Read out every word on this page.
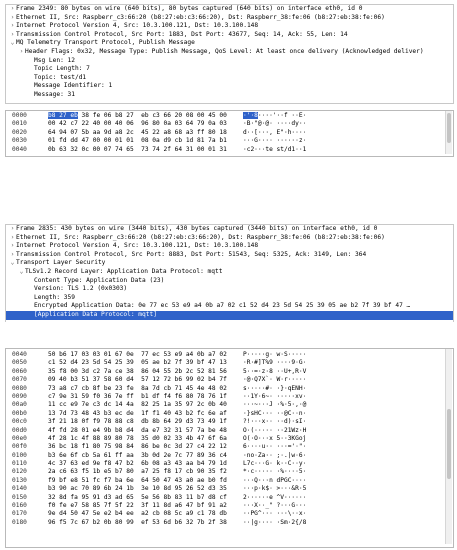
› Frame 2349: 80 bytes on wire (640 bits), 80 bytes captured (640 bits) on interface eth0, id 0
› Ethernet II, Src: Raspberr_c3:66:20 (b8:27:eb:c3:66:20), Dst: Raspberr_38:fe:06 (b8:27:eb:38:fe:06)
› Internet Protocol Version 4, Src: 10.3.100.121, Dst: 10.3.100.148
› Transmission Control Protocol, Src Port: 1883, Dst Port: 43677, Seq: 14, Ack: 55, Len: 14
⌄ MQ Telemetry Transport Protocol, Publish Message
› Header Flags: 0x32, Message Type: Publish Message, QoS Level: At least once delivery (Acknowledged deliver)
Msg Len: 12
Topic Length: 7
Topic: test/d1
Message Identifier: 1
Message: 31
0000	b8 27 eb 38 fe 06 b8 27  eb c3 66 20 08 00 45 00	·'·8····'··f ··E·
0010	00 42 c7 22 40 00 40 06  96 80 0a 03 64 79 0a 03	·B·"@·@· ····dy··
0020	64 94 07 5b aa 9d a8 2c  45 22 a8 68 a3 ff 80 18	d··[···, E"·h····
0030	01 fd dd 47 00 00 01 01  08 0a d9 cb 1d 81 7a b1	···G···· ······z·
0040	0b 63 32 0c 00 07 74 65  73 74 2f 64 31 00 01 31	·c2···te st/d1··1
› Frame 2835: 430 bytes on wire (3440 bits), 430 bytes captured (3440 bits) on interface eth0, id 0
› Ethernet II, Src: Raspberr_c3:66:20 (b8:27:eb:c3:66:20), Dst: Raspberr_38:fe:06 (b8:27:eb:38:fe:06)
› Internet Protocol Version 4, Src: 10.3.100.121, Dst: 10.3.100.148
› Transmission Control Protocol, Src Port: 8883, Dst Port: 51543, Seq: 5325, Ack: 3149, Len: 364
⌄ Transport Layer Security
⌄ TLSv1.2 Record Layer: Application Data Protocol: mqtt
Content Type: Application Data (23)
Version: TLS 1.2 (0x0303)
Length: 359
Encrypted Application Data: 0e 77 ec 53 e9 a4 0b a7 02 c1 52 d4 23 5d 54 25 39 05 ae b2 7f 39 bf 47 …
[Application Data Protocol: mqtt]
0040	50 b6 17 03 03 01 67 0e  77 ec 53 e9 a4 0b a7 02	P·····g· w·S·····
0050	c1 52 d4 23 5d 54 25 39  05 ae b2 7f 39 bf 47 13	·R·#]T%9 ····9·G·
0060	35 f8 00 3d c2 7a ce 38  86 04 55 2b 2c 52 81 56	5··=·z·8 ··U+,R·V
0070	09 40 b3 51 37 58 60 d4  57 12 72 b6 99 02 b4 7f	·@·Q7X`· W·r·····
0080	73 a8 c7 cb 8f be 23 fe  8a 7d cb 71 45 4e 48 02	s·····#· ·}·qENH·
0090	c7 9e 31 59 f0 36 7e ff  b1 df f4 f6 80 78 76 1f	··1Y·6~· ·····xv·
00a0	11 cc e9 7e c3 dc 14 4a  82 25 1a 35 97 2c 0b 40	···~···J ·%·5·,·@
00b0	13 7d 73 48 43 b3 ec de  1f f1 40 43 b2 fc 6e af	·}sHC··· ··@C··n·
00c0	3f 21 18 0f f9 78 88 c8  db 8b 64 29 d3 73 49 1f	?!···x·· ··d)·sI·
00d0	4f fd 28 01 e4 9b b8 d4  da e7 32 31 57 7a be 48	O·(····· ··21Wz·H
00e0	4f 28 1c 4f 88 89 80 78  35 d0 02 33 4b 47 6f 6a	O(·O···x 5··3KGoj
00f0	36 bc 18 f1 80 75 98 84  86 be 0c 3d 27 c4 22 12	6····u·· ···='·"·
0100	b3 6e 6f cb 5a 61 ff aa  3b 0d 2e 7c 77 89 36 c4	·no·Za·· ;·.|w·6·
0110	4c 37 63 ed 9e f8 47 b2  6b 08 a3 43 aa b4 79 1d	L7c···G· k··C··y·
0120	2a c6 63 f5 1b e5 b7 80  a7 25 f8 17 cb 90 35 f2	*·c····· ·%····5·
0130	f9 bf e8 51 fc f7 ba 6e  64 50 47 43 a0 ae b0 fd	···Q···n dPGC····
0140	b3 90 ac 70 89 6b 24 1b  3e 10 8d 95 26 52 d3 35	···p·k$· >···&R·5
0150	32 8d fa 95 91 d3 ad 65  5e 56 8b 83 11 b7 d8 cf	2······e ^V······
0160	f0 fe e7 58 85 7f 5f 22  3f 11 8d a6 47 bf 91 a2	···X··_" ?···G···
0170	9e d4 50 47 5e e2 b4 ee  a2 cb 08 5c a9 c1 78 db	··PG^··· ···\··x·
0180	96 f5 7c 67 b2 0b 80 99  ef 53 6d b6 32 7b 2f 38	··|g···· ·Sm·2{/8
